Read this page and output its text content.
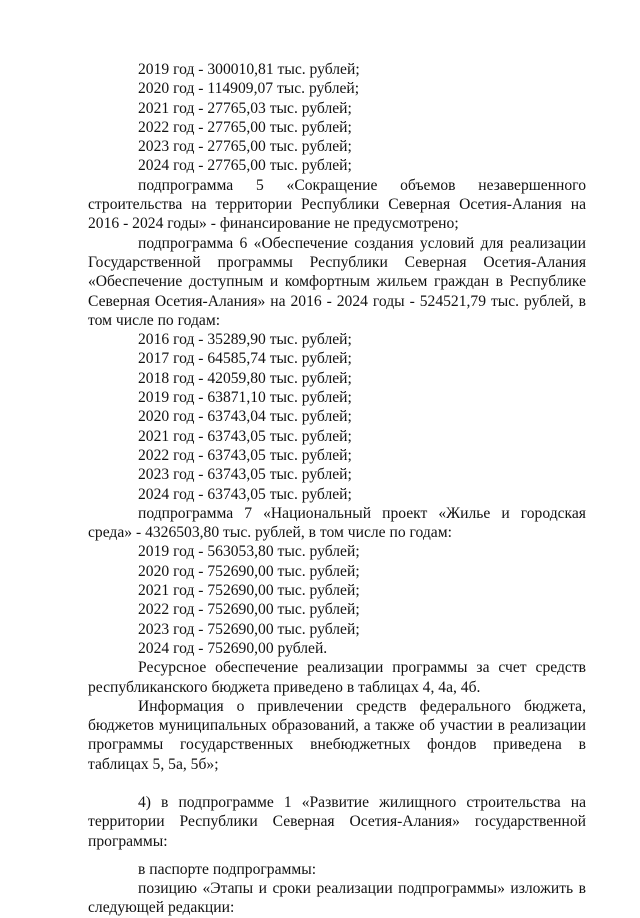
2019 год - 300010,81 тыс. рублей;
2020 год - 114909,07 тыс. рублей;
2021 год - 27765,03 тыс. рублей;
2022 год - 27765,00 тыс. рублей;
2023 год - 27765,00 тыс. рублей;
2024 год - 27765,00 тыс. рублей;

подпрограмма 5 «Сокращение объемов незавершенного строительства на территории Республики Северная Осетия-Алания на 2016 - 2024 годы» - финансирование не предусмотрено;

подпрограмма 6 «Обеспечение создания условий для реализации Государственной программы Республики Северная Осетия-Алания «Обеспечение доступным и комфортным жильем граждан в Республике Северная Осетия-Алания» на 2016 - 2024 годы - 524521,79 тыс. рублей, в том числе по годам:

2016 год - 35289,90 тыс. рублей;
2017 год - 64585,74 тыс. рублей;
2018 год - 42059,80 тыс. рублей;
2019 год - 63871,10 тыс. рублей;
2020 год - 63743,04 тыс. рублей;
2021 год - 63743,05 тыс. рублей;
2022 год - 63743,05 тыс. рублей;
2023 год - 63743,05 тыс. рублей;
2024 год - 63743,05 тыс. рублей;

подпрограмма 7 «Национальный проект «Жилье и городская среда» - 4326503,80 тыс. рублей, в том числе по годам:

2019 год - 563053,80 тыс. рублей;
2020 год - 752690,00 тыс. рублей;
2021 год - 752690,00 тыс. рублей;
2022 год - 752690,00 тыс. рублей;
2023 год - 752690,00 тыс. рублей;
2024 год - 752690,00 рублей.

Ресурсное обеспечение реализации программы за счет средств республиканского бюджета приведено в таблицах 4, 4а, 4б.

Информация о привлечении средств федерального бюджета, бюджетов муниципальных образований, а также об участии в реализации программы государственных внебюджетных фондов приведена в таблицах 5, 5а, 5б»;

4) в подпрограмме 1 «Развитие жилищного строительства на территории Республики Северная Осетия-Алания» государственной программы:

в паспорте подпрограммы:

позицию «Этапы и сроки реализации подпрограммы» изложить в следующей редакции:
